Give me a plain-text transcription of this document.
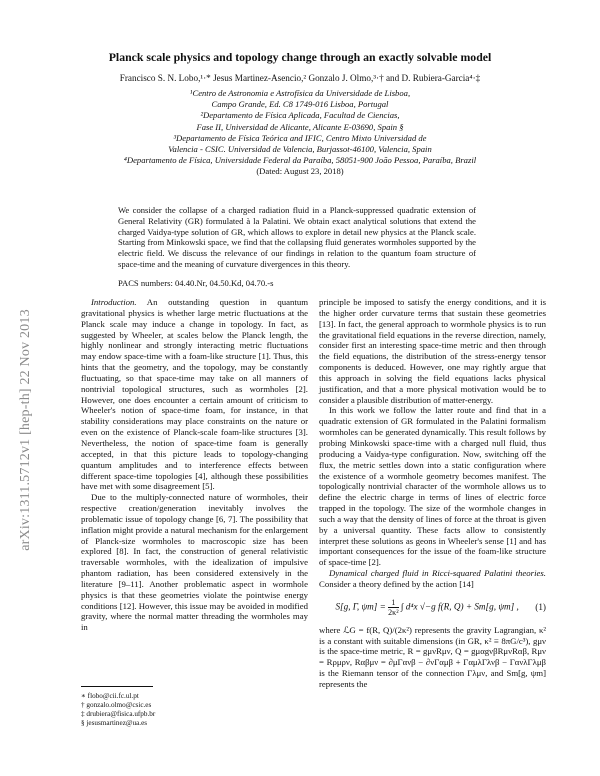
arXiv:1311.5712v1 [hep-th] 22 Nov 2013
Planck scale physics and topology change through an exactly solvable model
Francisco S. N. Lobo,¹·* Jesus Martinez-Asencio,² Gonzalo J. Olmo,³·† and D. Rubiera-Garcia⁴·‡
¹Centro de Astronomia e Astrofísica da Universidade de Lisboa,
Campo Grande, Ed. C8 1749-016 Lisboa, Portugal
²Departamento de Física Aplicada, Facultad de Ciencias,
Fase II, Universidad de Alicante, Alicante E-03690, Spain §
³Departamento de Física Teórica and IFIC, Centro Mixto Universidad de
Valencia - CSIC. Universidad de Valencia, Burjassot-46100, Valencia, Spain
⁴Departamento de Física, Universidade Federal da Paraíba, 58051-900 João Pessoa, Paraíba, Brazil
(Dated: August 23, 2018)
We consider the collapse of a charged radiation fluid in a Planck-suppressed quadratic extension of General Relativity (GR) formulated à la Palatini. We obtain exact analytical solutions that extend the charged Vaidya-type solution of GR, which allows to explore in detail new physics at the Planck scale. Starting from Minkowski space, we find that the collapsing fluid generates wormholes supported by the electric field. We discuss the relevance of our findings in relation to the quantum foam structure of space-time and the meaning of curvature divergences in this theory.
PACS numbers: 04.40.Nr, 04.50.Kd, 04.70.-s

Introduction. An outstanding question in quantum gravitational physics is whether large metric fluctuations at the Planck scale may induce a change in topology. In fact, as suggested by Wheeler, at scales below the Planck length, the highly nonlinear and strongly interacting metric fluctuations may endow space-time with a foam-like structure [1]. Thus, this hints that the geometry, and the topology, may be constantly fluctuating, so that space-time may take on all manners of nontrivial topological structures, such as wormholes [2]. However, one does encounter a certain amount of criticism to Wheeler's notion of space-time foam, for instance, in that stability considerations may place constraints on the nature or even on the existence of Planck-scale foam-like structures [3]. Nevertheless, the notion of space-time foam is generally accepted, in that this picture leads to topology-changing quantum amplitudes and to interference effects between different space-time topologies [4], although these possibilities have met with some disagreement [5].

Due to the multiply-connected nature of wormholes, their respective creation/generation inevitably involves the problematic issue of topology change [6, 7]. The possibility that inflation might provide a natural mechanism for the enlargement of Planck-size wormholes to macroscopic size has been explored [8]. In fact, the construction of general relativistic traversable wormholes, with the idealization of impulsive phantom radiation, has been considered extensively in the literature [9–11]. Another problematic aspect in wormhole physics is that these geometries violate the pointwise energy conditions [12]. However, this issue may be avoided in modified gravity, where the normal matter threading the wormholes may in

principle be imposed to satisfy the energy conditions, and it is the higher order curvature terms that sustain these geometries [13]. In fact, the general approach to wormhole physics is to run the gravitational field equations in the reverse direction, namely, consider first an interesting space-time metric and then through the field equations, the distribution of the stress-energy tensor components is deduced. However, one may rightly argue that this approach in solving the field equations lacks physical justification, and that a more physical motivation would be to consider a plausible distribution of matter-energy.

In this work we follow the latter route and find that in a quadratic extension of GR formulated in the Palatini formalism wormholes can be generated dynamically. This result follows by probing Minkowski space-time with a charged null fluid, thus producing a Vaidya-type configuration. Now, switching off the flux, the metric settles down into a static configuration where the existence of a wormhole geometry becomes manifest. The topologically nontrivial character of the wormhole allows us to define the electric charge in terms of lines of electric force trapped in the topology. The size of the wormhole changes in such a way that the density of lines of force at the throat is given by a universal quantity. These facts allow to consistently interpret these solutions as geons in Wheeler's sense [1] and has important consequences for the issue of the foam-like structure of space-time [2].

Dynamical charged fluid in Ricci-squared Palatini theories. Consider a theory defined by the action [14]

S[g, Γ, $\psi m] = \frac{1}{\text{2κ²}}$ ∫ d⁴x √−g f(R, Q) + Sm[g, ψm] ,	(1)

where ℒG = f(R, Q)/(2κ²) represents the gravity Lagrangian, κ² is a constant with suitable dimensions (in GR, κ² ≡ 8πG/c³), gμν is the space-time metric, R = gμνRμν, Q = gμαgνβRμνRαβ, Rμν = Rρμρν, Rαβμν = ∂μΓανβ − ∂νΓαμβ + ΓαμλΓλνβ − ΓανλΓλμβ is the Riemann tensor of the connection Γλμν, and Sm[g, ψm] represents the

∗ flobo@cii.fc.ul.pt
† gonzalo.olmo@csic.es
‡ drubiera@fisica.ufpb.br
§ jesusmartinez@ua.es
